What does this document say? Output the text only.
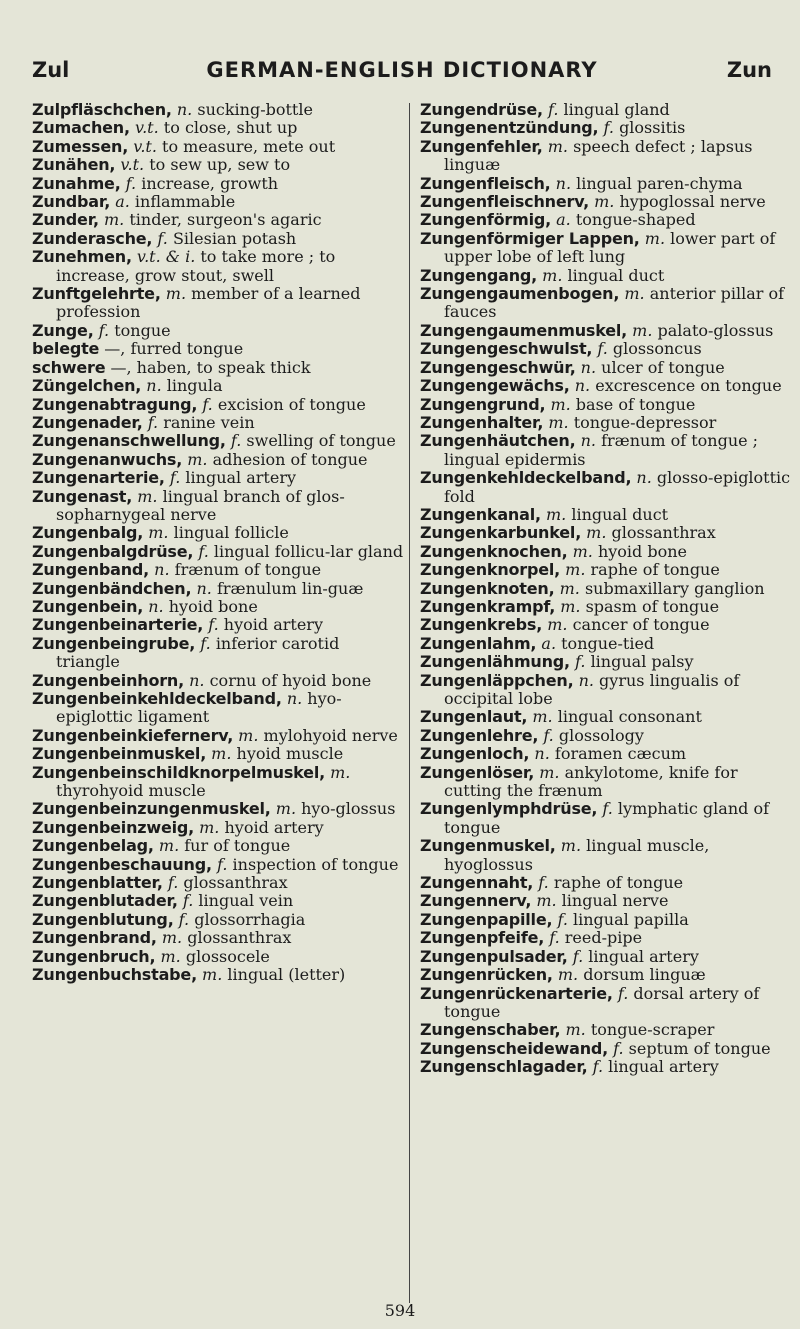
Zul	GERMAN-ENGLISH DICTIONARY	Zun
Zulpfläschchen, n. sucking-bottle
Zumachen, v.t. to close, shut up
Zumessen, v.t. to measure, mete out
Zunähen, v.t. to sew up, sew to
Zunahme, f. increase, growth
Zundbar, a. inflammable
Zunder, m. tinder, surgeon's agaric
Zunderasche, f. Silesian potash
Zunehmen, v.t. & i. to take more ; to increase, grow stout, swell
Zunftgelehrte, m. member of a learned profession
Zunge, f. tongue
belegte —, furred tongue
schwere —, haben, to speak thick
Züngelchen, n. lingula
Zungenabtragung, f. excision of tongue
Zungenader, f. ranine vein
Zungenanschwellung, f. swelling of tongue
Zungenanwuchs, m. adhesion of tongue
Zungenarterie, f. lingual artery
Zungenast, m. lingual branch of glos-sopharnygeal nerve
Zungenbalg, m. lingual follicle
Zungenbalgdrüse, f. lingual follicu-lar gland
Zungenband, n. frænum of tongue
Zungenbändchen, n. frænulum lin-guæ
Zungenbein, n. hyoid bone
Zungenbeinarterie, f. hyoid artery
Zungenbeingrube, f. inferior carotid triangle
Zungenbeinhorn, n. cornu of hyoid bone
Zungenbeinkehldeckelband, n. hyo-epiglottic ligament
Zungenbeinkiefernerv, m. mylohyoid nerve
Zungenbeinmuskel, m. hyoid muscle
Zungenbeinschildknorpelmuskel, m. thyrohyoid muscle
Zungenbeinzungenmuskel, m. hyo-glossus
Zungenbeinzweig, m. hyoid artery
Zungenbelag, m. fur of tongue
Zungenbeschauung, f. inspection of tongue
Zungenblatter, f. glossanthrax
Zungenblutader, f. lingual vein
Zungenblutung, f. glossorrhagia
Zungenbrand, m. glossanthrax
Zungenbruch, m. glossocele
Zungenbuchstabe, m. lingual (letter)
Zungendrüse, f. lingual gland
Zungenentzündung, f. glossitis
Zungenfehler, m. speech defect ; lapsus linguæ
Zungenfleisch, n. lingual paren-chyma
Zungenfleischnerv, m. hypoglossal nerve
Zungenförmig, a. tongue-shaped
Zungenförmiger Lappen, m. lower part of upper lobe of left lung
Zungengang, m. lingual duct
Zungengaumenbogen, m. anterior pillar of fauces
Zungengaumenmuskel, m. palato-glossus
Zungengeschwulst, f. glossoncus
Zungengeschwür, n. ulcer of tongue
Zungengewächs, n. excrescence on tongue
Zungengrund, m. base of tongue
Zungenhalter, m. tongue-depressor
Zungenhäutchen, n. frænum of tongue ; lingual epidermis
Zungenkehldeckelband, n. glosso-epiglottic fold
Zungenkanal, m. lingual duct
Zungenkarbunkel, m. glossanthrax
Zungenknochen, m. hyoid bone
Zungenknorpel, m. raphe of tongue
Zungenknoten, m. submaxillary ganglion
Zungenkrampf, m. spasm of tongue
Zungenkrebs, m. cancer of tongue
Zungenlahm, a. tongue-tied
Zungenlähmung, f. lingual palsy
Zungenläppchen, n. gyrus lingualis of occipital lobe
Zungenlaut, m. lingual consonant
Zungenlehre, f. glossology
Zungenloch, n. foramen cæcum
Zungenlöser, m. ankylotome, knife for cutting the frænum
Zungenlymphdrüse, f. lymphatic gland of tongue
Zungenmuskel, m. lingual muscle, hyoglossus
Zungennaht, f. raphe of tongue
Zungennerv, m. lingual nerve
Zungenpapille, f. lingual papilla
Zungenpfeife, f. reed-pipe
Zungenpulsader, f. lingual artery
Zungenrücken, m. dorsum linguæ
Zungenrückenarterie, f. dorsal artery of tongue
Zungenschaber, m. tongue-scraper
Zungenscheidewand, f. septum of tongue
Zungenschlagader, f. lingual artery
594
